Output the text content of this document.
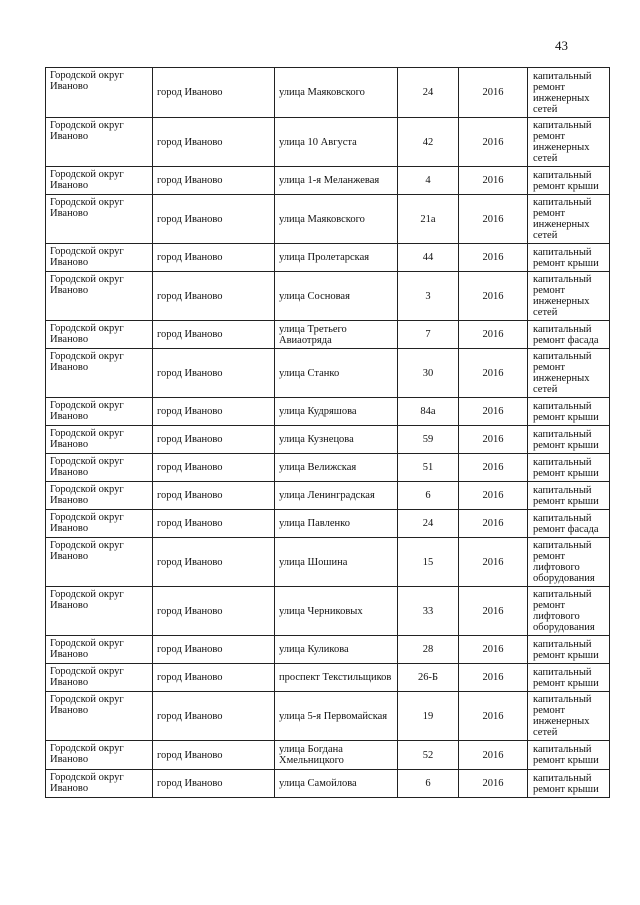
43
Городской округ Иваново	город Иваново	улица Маяковского	24	2016	капитальный ремонт инженерных сетей
Городской округ Иваново	город Иваново	улица 10 Августа	42	2016	капитальный ремонт инженерных сетей
Городской округ Иваново	город Иваново	улица 1-я Меланжевая	4	2016	капитальный ремонт крыши
Городской округ Иваново	город Иваново	улица Маяковского	21а	2016	капитальный ремонт инженерных сетей
Городской округ Иваново	город Иваново	улица Пролетарская	44	2016	капитальный ремонт крыши
Городской округ Иваново	город Иваново	улица Сосновая	3	2016	капитальный ремонт инженерных сетей
Городской округ Иваново	город Иваново	улица Третьего Авиаотряда	7	2016	капитальный ремонт фасада
Городской округ Иваново	город Иваново	улица Станко	30	2016	капитальный ремонт инженерных сетей
Городской округ Иваново	город Иваново	улица Кудряшова	84а	2016	капитальный ремонт крыши
Городской округ Иваново	город Иваново	улица Кузнецова	59	2016	капитальный ремонт крыши
Городской округ Иваново	город Иваново	улица Велижская	51	2016	капитальный ремонт крыши
Городской округ Иваново	город Иваново	улица Ленинградская	6	2016	капитальный ремонт крыши
Городской округ Иваново	город Иваново	улица Павленко	24	2016	капитальный ремонт фасада
Городской округ Иваново	город Иваново	улица Шошина	15	2016	капитальный ремонт лифтового оборудования
Городской округ Иваново	город Иваново	улица Черниковых	33	2016	капитальный ремонт лифтового оборудования
Городской округ Иваново	город Иваново	улица Куликова	28	2016	капитальный ремонт крыши
Городской округ Иваново	город Иваново	проспект Текстильщиков	26-Б	2016	капитальный ремонт крыши
Городской округ Иваново	город Иваново	улица 5-я Первомайская	19	2016	капитальный ремонт инженерных сетей
Городской округ Иваново	город Иваново	улица Богдана Хмельницкого	52	2016	капитальный ремонт крыши
Городской округ Иваново	город Иваново	улица Самойлова	6	2016	капитальный ремонт крыши
